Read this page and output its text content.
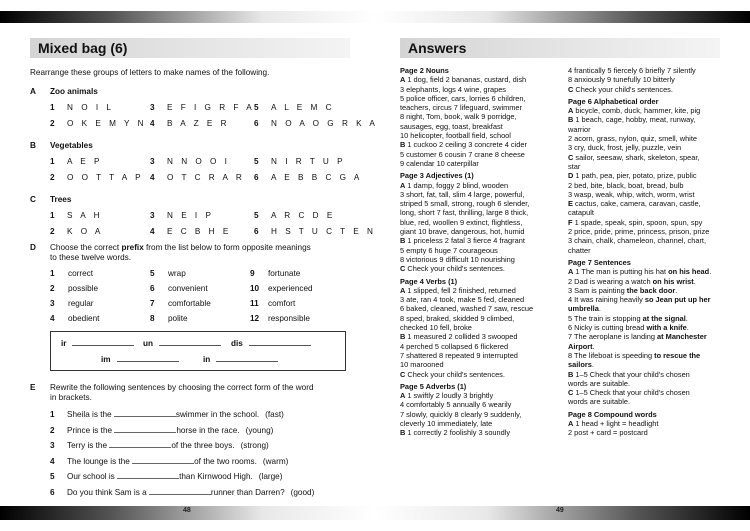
Mixed bag (6)
Rearrange these groups of letters to make names of the following.
A Zoo animals
1 N O I L	3 E F I G R F A 5 A L E M C
2 O K E M Y N 4 B A Z E R	6 N O A O G R K A
B Vegetables
1 A E P	3 N N O O I	5 N I R T U P
2 O O T T A P 4 O T C R A R 6 A E B B C G A
C Trees
1 S A H	3 N E I P	5 A R C D E
2 K O A	4 E C B H E	6 H S T U C T E N
D Choose the correct prefix from the list below to form opposite meanings
to these twelve words.
1 correct	5 wrap	9 fortunate
2 possible	6 convenient	10 experienced
3 regular	7 comfortable	11 comfort
4 obedient	8 polite	12 responsible
ir	un	dis
im	in
E Rewrite the following sentences by choosing the correct form of the word
in brackets.
1 Sheila is the	swimmer in the school. (fast)
2 Prince is the	horse in the race. (young)
3 Terry is the	of the three boys. (strong)
4 The lounge is the	of the two rooms. (warm)
5 Our school is	than Kirnwood High. (large)
6 Do you think Sam is a	runner than Darren? (good)
Answers

Page 2 Nouns

A 1 dog, field 2 bananas, custard, dish

3 elephants, logs 4 wine, grapes

5 police officer, cars, lorries 6 children,

teachers, circus 7 lifeguard, swimmer

8 night, Tom, book, walk 9 porridge,

sausages, egg, toast, breakfast

10 helicopter, football field, school

B 1 cuckoo 2 ceiling 3 concrete 4 cider

5 customer 6 cousin 7 crane 8 cheese

9 calendar 10 caterpillar

Page 3 Adjectives (1)

A 1 damp, foggy 2 blind, wooden

3 short, fat, tall, slim 4 large, powerful,

striped 5 small, strong, rough 6 slender,

long, short 7 fast, thrilling, large 8 thick,

blue, red, woollen 9 extinct, flightless,

giant 10 brave, dangerous, hot, humid

B 1 priceless 2 fatal 3 fierce 4 fragrant

5 empty 6 huge 7 courageous

8 victorious 9 difficult 10 nourishing

C Check your child's sentences.

Page 4 Verbs (1)

A 1 slipped, fell 2 finished, returned

3 ate, ran 4 took, make 5 fed, cleaned

6 baked, cleaned, washed 7 saw, rescue

8 sped, braked, skidded 9 climbed,

checked 10 fell, broke

B 1 measured 2 collided 3 swooped

4 perched 5 collapsed 6 flickered

7 shattered 8 repeated 9 interrupted

10 marooned

C Check your child's sentences.

Page 5 Adverbs (1)

A 1 swiftly 2 loudly 3 brightly

4 comfortably 5 annually 6 wearily

7 slowly, quickly 8 clearly 9 suddenly,

cleverly 10 immediately, late

B 1 correctly 2 foolishly 3 soundly

4 frantically 5 fiercely 6 briefly 7 silently

8 anxiously 9 tunefully 10 bitterly

C Check your child's sentences.

Page 6 Alphabetical order

A bicycle, comb, duck, hammer, kite, pig

B 1 beach, cage, hobby, meat, runway,

warrior

2 acorn, grass, nylon, quiz, smell, white

3 cry, duck, frost, jelly, puzzle, vein

C sailor, seesaw, shark, skeleton, spear,

star

D 1 path, pea, pier, potato, prize, public

2 bed, bite, black, boat, bread, bulb

3 wasp, weak, whip, witch, worm, wrist

E cactus, cake, camera, caravan, castle,

catapult

F 1 spade, speak, spin, spoon, spun, spy

2 price, pride, prime, princess, prison, prize

3 chain, chalk, chameleon, channel, chart,

chatter

Page 7 Sentences

A 1 The man is putting his hat on his head.

2 Dad is wearing a watch on his wrist.

3 Sam is painting the back door.

4 It was raining heavily so Jean put up her

umbrella.

5 The train is stopping at the signal.

6 Nicky is cutting bread with a knife.

7 The aeroplane is landing at Manchester

Airport.

8 The lifeboat is speeding to rescue the

sailors.

B 1–5 Check that your child's chosen

words are suitable.

C 1–5 Check that your child's chosen

words are suitable.

Page 8 Compound words

A 1 head + light = headlight

2 post + card = postcard

48	49
